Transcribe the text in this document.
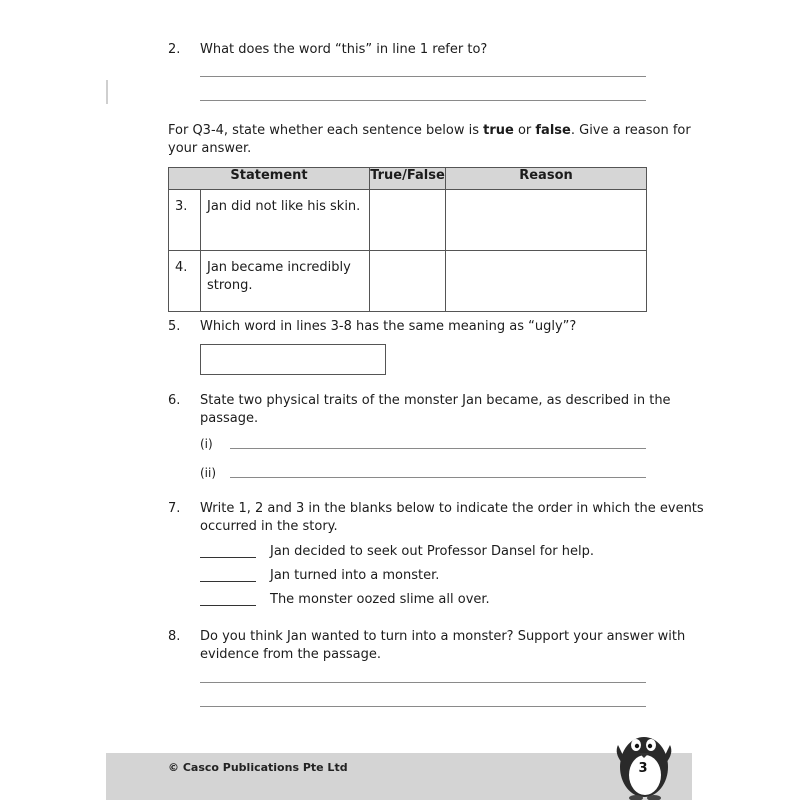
2. What does the word “this” in line 1 refer to?
For Q3-4, state whether each sentence below is true or false. Give a reason for
your answer.
Statement		True/False	Reason
3.	Jan did not like his skin.		
4.	Jan became incredibly strong.		
5. Which word in lines 3-8 has the same meaning as “ugly”?
6. State two physical traits of the monster Jan became, as described in the
passage.
(i)
(ii)
7. Write 1, 2 and 3 in the blanks below to indicate the order in which the events
occurred in the story.
Jan decided to seek out Professor Dansel for help.
Jan turned into a monster.
The monster oozed slime all over.
8. Do you think Jan wanted to turn into a monster? Support your answer with
evidence from the passage.
© Casco Publications Pte Ltd	3
